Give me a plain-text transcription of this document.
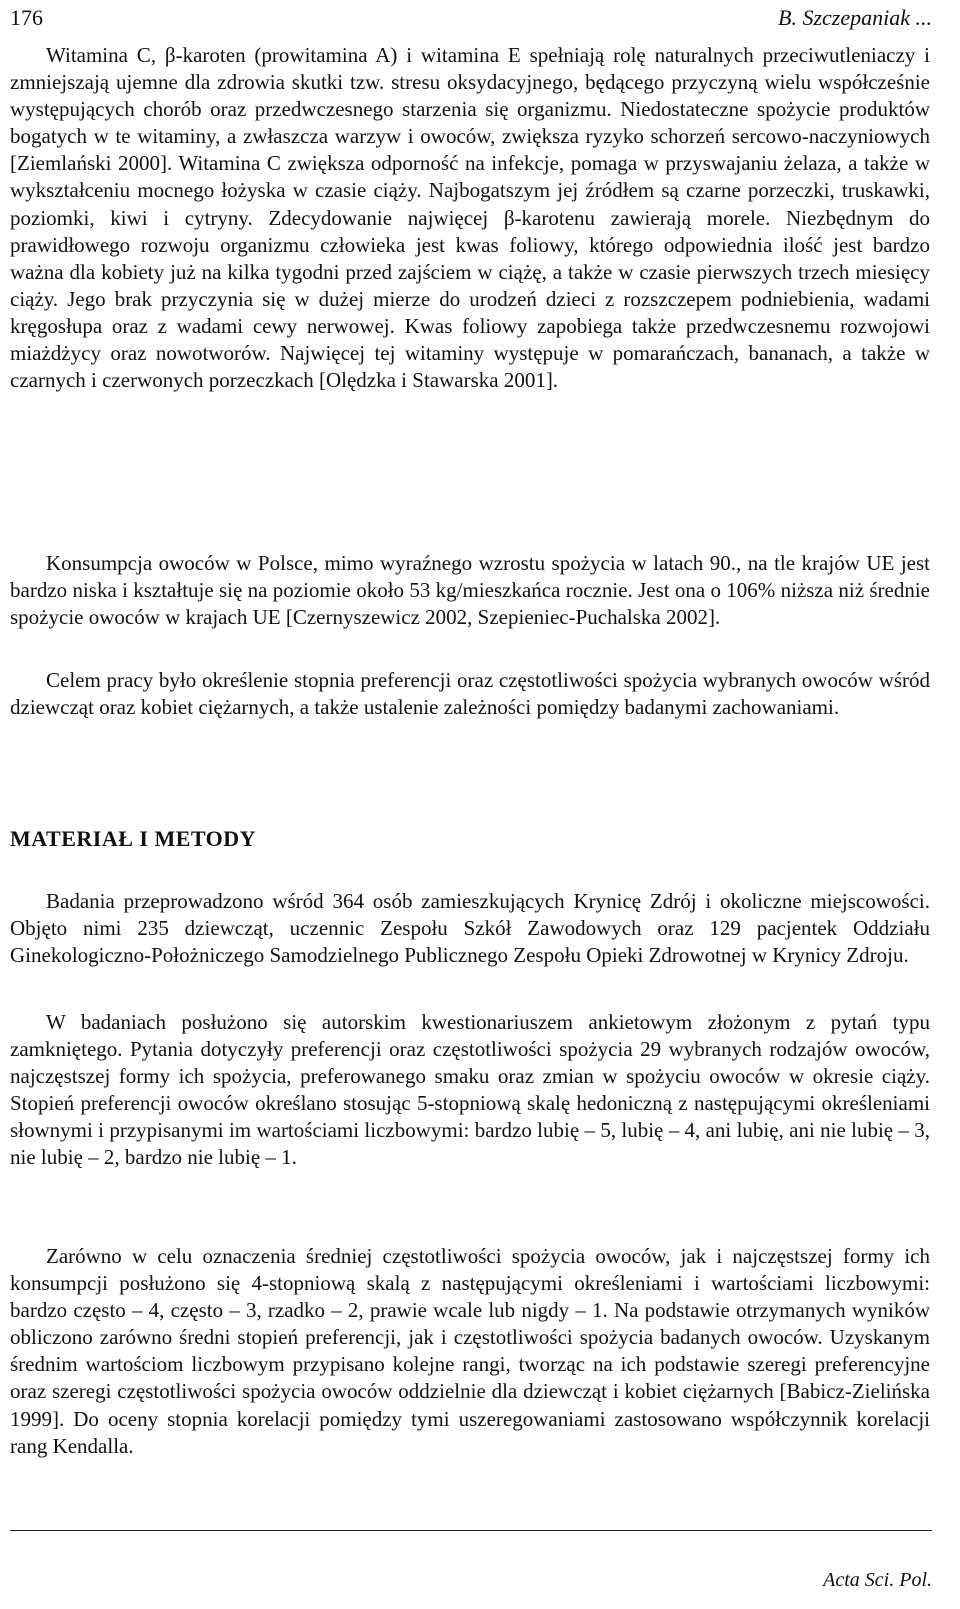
176	B. Szczepaniak ...

Witamina C, β-karoten (prowitamina A) i witamina E spełniają rolę naturalnych przeciwutleniaczy i zmniejszają ujemne dla zdrowia skutki tzw. stresu oksydacyjnego, będącego przyczyną wielu współcześnie występujących chorób oraz przedwczesnego starzenia się organizmu. Niedostateczne spożycie produktów bogatych w te witaminy, a zwłaszcza warzyw i owoców, zwiększa ryzyko schorzeń sercowo-naczyniowych [Ziemlański 2000]. Witamina C zwiększa odporność na infekcje, pomaga w przyswajaniu żelaza, a także w wykształceniu mocnego łożyska w czasie ciąży. Najbogatszym jej źródłem są czarne porzeczki, truskawki, poziomki, kiwi i cytryny. Zdecydowanie najwięcej β-karotenu zawierają morele. Niezbędnym do prawidłowego rozwoju organizmu człowieka jest kwas foliowy, którego odpowiednia ilość jest bardzo ważna dla kobiety już na kilka tygodni przed zajściem w ciążę, a także w czasie pierwszych trzech miesięcy ciąży. Jego brak przyczynia się w dużej mierze do urodzeń dzieci z rozszczepem podniebienia, wadami kręgosłupa oraz z wadami cewy nerwowej. Kwas foliowy zapobiega także przedwczesnemu rozwojowi miażdżycy oraz nowotworów. Najwięcej tej witaminy występuje w pomarańczach, bananach, a także w czarnych i czerwonych porzeczkach [Olędzka i Stawarska 2001].

Konsumpcja owoców w Polsce, mimo wyraźnego wzrostu spożycia w latach 90., na tle krajów UE jest bardzo niska i kształtuje się na poziomie około 53 kg/mieszkańca rocznie. Jest ona o 106% niższa niż średnie spożycie owoców w krajach UE [Czernyszewicz 2002, Szepieniec-Puchalska 2002].

Celem pracy było określenie stopnia preferencji oraz częstotliwości spożycia wybranych owoców wśród dziewcząt oraz kobiet ciężarnych, a także ustalenie zależności pomiędzy badanymi zachowaniami.

MATERIAŁ I METODY

Badania przeprowadzono wśród 364 osób zamieszkujących Krynicę Zdrój i okoliczne miejscowości. Objęto nimi 235 dziewcząt, uczennic Zespołu Szkół Zawodowych oraz 129 pacjentek Oddziału Ginekologiczno-Położniczego Samodzielnego Publicznego Zespołu Opieki Zdrowotnej w Krynicy Zdroju.

W badaniach posłużono się autorskim kwestionariuszem ankietowym złożonym z pytań typu zamkniętego. Pytania dotyczyły preferencji oraz częstotliwości spożycia 29 wybranych rodzajów owoców, najczęstszej formy ich spożycia, preferowanego smaku oraz zmian w spożyciu owoców w okresie ciąży. Stopień preferencji owoców określano stosując 5-stopniową skalę hedoniczną z następującymi określeniami słownymi i przypisanymi im wartościami liczbowymi: bardzo lubię – 5, lubię – 4, ani lubię, ani nie lubię – 3, nie lubię – 2, bardzo nie lubię – 1.

Zarówno w celu oznaczenia średniej częstotliwości spożycia owoców, jak i najczęstszej formy ich konsumpcji posłużono się 4-stopniową skalą z następującymi określeniami i wartościami liczbowymi: bardzo często – 4, często – 3, rzadko – 2, prawie wcale lub nigdy – 1. Na podstawie otrzymanych wyników obliczono zarówno średni stopień preferencji, jak i częstotliwości spożycia badanych owoców. Uzyskanym średnim wartościom liczbowym przypisano kolejne rangi, tworząc na ich podstawie szeregi preferencyjne oraz szeregi częstotliwości spożycia owoców oddzielnie dla dziewcząt i kobiet ciężarnych [Babicz-Zielińska 1999]. Do oceny stopnia korelacji pomiędzy tymi uszeregowaniami zastosowano współczynnik korelacji rang Kendalla.

Acta Sci. Pol.
